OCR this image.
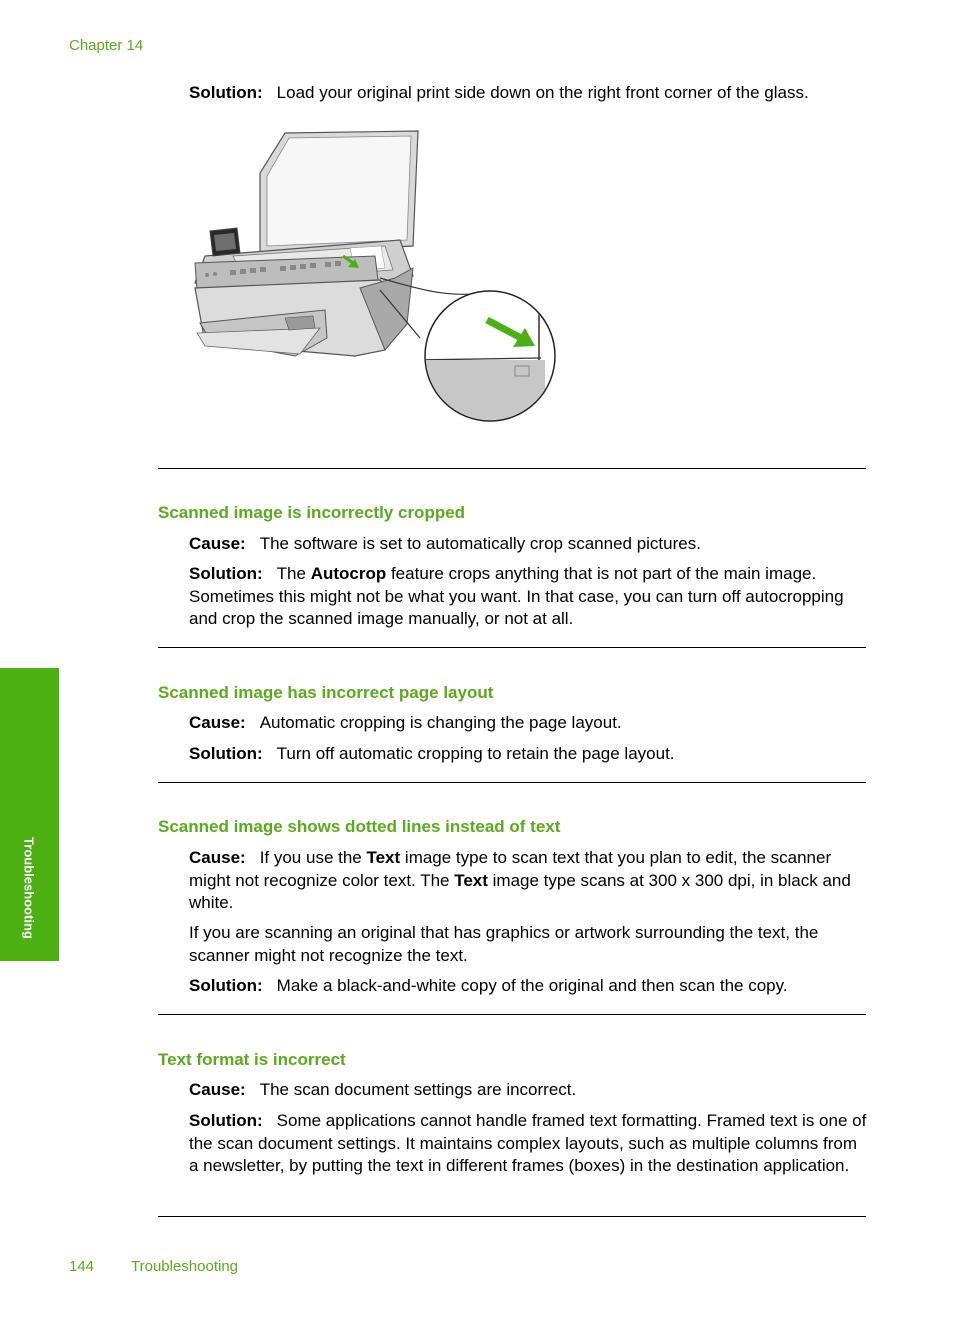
Chapter 14
Solution: Load your original print side down on the right front corner of the glass.
Scanned image is incorrectly cropped
Cause: The software is set to automatically crop scanned pictures.
Solution: The Autocrop feature crops anything that is not part of the main image. Sometimes this might not be what you want. In that case, you can turn off autocropping and crop the scanned image manually, or not at all.
Scanned image has incorrect page layout
Cause: Automatic cropping is changing the page layout.
Solution: Turn off automatic cropping to retain the page layout.
Scanned image shows dotted lines instead of text
Cause: If you use the Text image type to scan text that you plan to edit, the scanner might not recognize color text. The Text image type scans at 300 x 300 dpi, in black and white.
If you are scanning an original that has graphics or artwork surrounding the text, the scanner might not recognize the text.
Solution: Make a black-and-white copy of the original and then scan the copy.
Text format is incorrect
Cause: The scan document settings are incorrect.
Solution: Some applications cannot handle framed text formatting. Framed text is one of the scan document settings. It maintains complex layouts, such as multiple columns from a newsletter, by putting the text in different frames (boxes) in the destination application.
Troubleshooting
144 Troubleshooting
